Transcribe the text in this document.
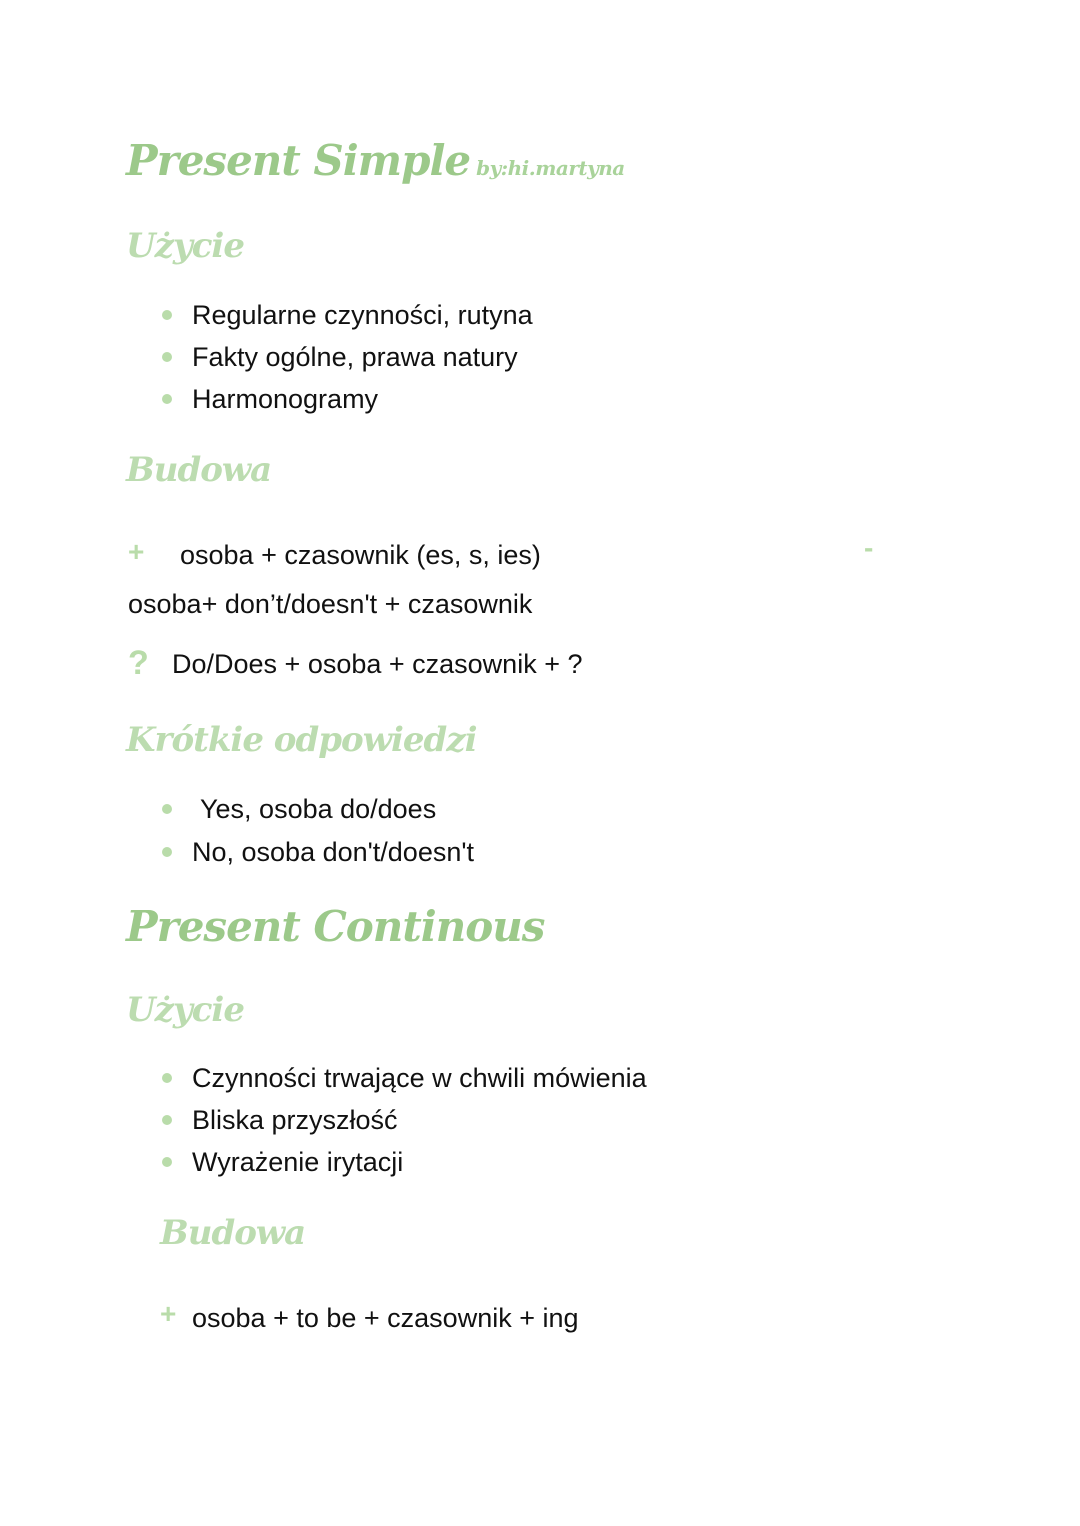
Present Simple by:hi.martyna
Użycie
Regularne czynności, rutyna
Fakty ogólne, prawa natury
Harmonogramy
Budowa
+ osoba + czasownik (es, s, ies)	-
osoba+ don’t/doesn't + czasownik
? Do/Does + osoba + czasownik + ?
Krótkie odpowiedzi
Yes, osoba do/does
No, osoba don't/doesn't
Present Continous
Użycie
Czynności trwające w chwili mówienia
Bliska przyszłość
Wyrażenie irytacji
Budowa
+ osoba + to be + czasownik + ing
